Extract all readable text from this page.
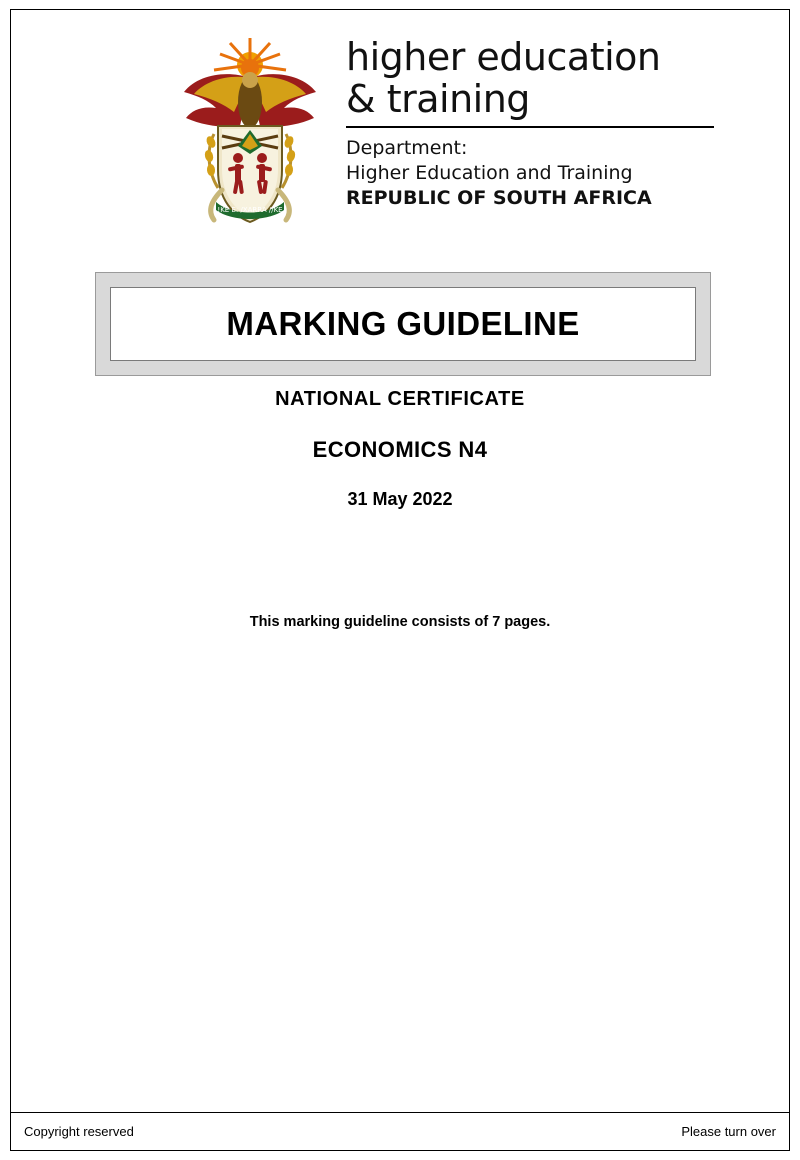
!KE E: /XARRA //KE
higher education
& training
Department:
Higher Education and Training
REPUBLIC OF SOUTH AFRICA
MARKING GUIDELINE
NATIONAL CERTIFICATE
ECONOMICS N4
31 May 2022
This marking guideline consists of 7 pages.
Copyright reserved	Please turn over
